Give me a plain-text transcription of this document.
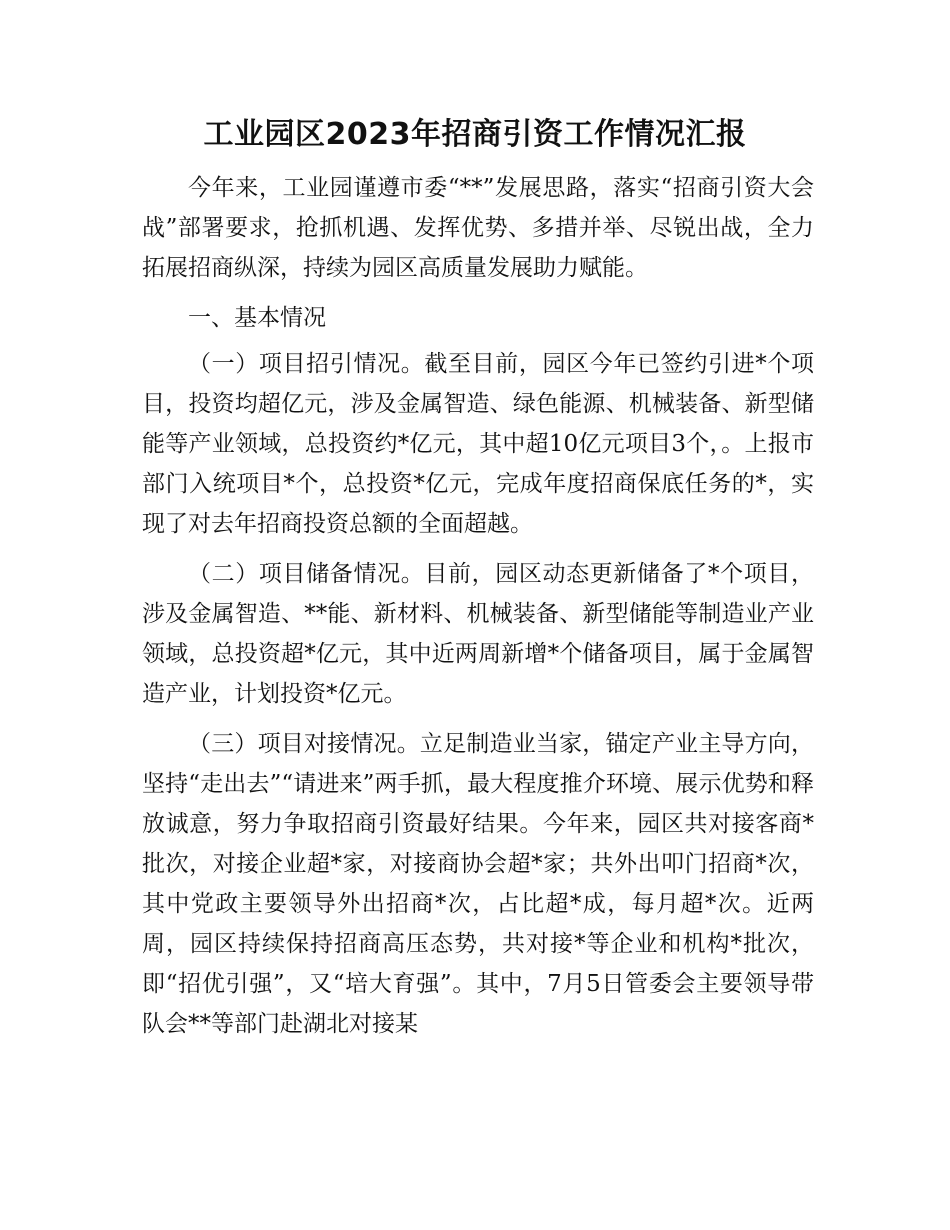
工业园区2023年招商引资工作情况汇报

今年来，工业园谨遵市委“**”发展思路，落实“招商引资大会战”部署要求，抢抓机遇、发挥优势、多措并举、尽锐出战，全力拓展招商纵深，持续为园区高质量发展助力赋能。

一、基本情况

（一）项目招引情况。截至目前，园区今年已签约引进*个项目，投资均超亿元，涉及金属智造、绿色能源、机械装备、新型储能等产业领域，总投资约*亿元，其中超10亿元项目3个，。上报市部门入统项目*个，总投资*亿元，完成年度招商保底任务的*，实现了对去年招商投资总额的全面超越。

（二）项目储备情况。目前，园区动态更新储备了*个项目，涉及金属智造、**能、新材料、机械装备、新型储能等制造业产业领域，总投资超*亿元，其中近两周新增*个储备项目，属于金属智造产业，计划投资*亿元。

（三）项目对接情况。立足制造业当家，锚定产业主导方向，坚持“走出去”“请进来”两手抓，最大程度推介环境、展示优势和释放诚意，努力争取招商引资最好结果。今年来，园区共对接客商*批次，对接企业超*家，对接商协会超*家；共外出叩门招商*次，其中党政主要领导外出招商*次，占比超*成，每月超*次。近两周，园区持续保持招商高压态势，共对接*等企业和机构*批次，即“招优引强”，又“培大育强”。其中，7月5日管委会主要领导带队会**等部门赴湖北对接某
